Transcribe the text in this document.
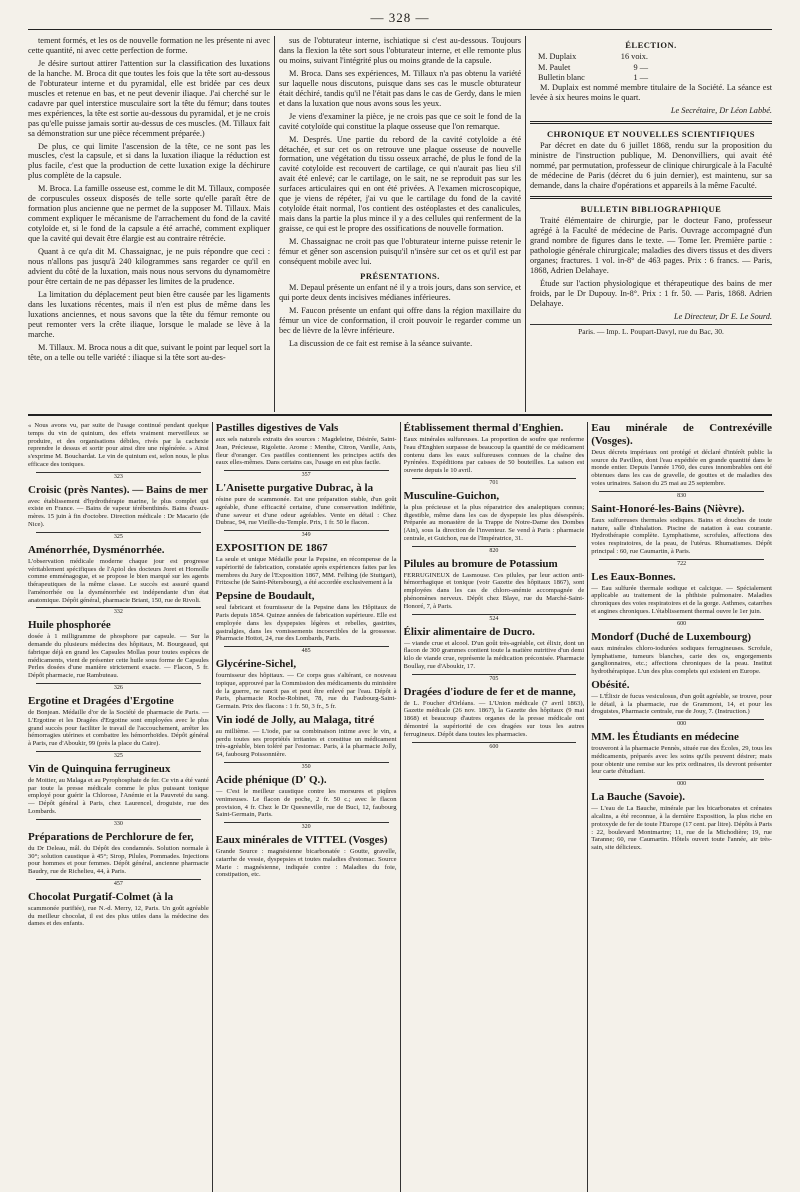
— 328 —

tement formés, et les os de nouvelle formation ne les présente ni avec cette quantité, ni avec cette perfection de forme.

Je désire surtout attirer l'attention sur la classification des luxations de la hanche. M. Broca dit que toutes les fois que la tête sort au-dessous de l'obturateur interne et du pyramidal, elle est bridée par ces deux muscles et retenue en bas, et ne peut devenir iliaque. J'ai cherché sur le cadavre par quel interstice musculaire sort la tête du fémur; dans toutes mes expériences, la tête est sortie au-dessous du pyramidal, et je ne crois pas qu'elle puisse jamais sortir au-dessus de ces muscles. (M. Tillaux fait sa démonstration sur une pièce récemment préparée.)

De plus, ce qui limite l'ascension de la tête, ce ne sont pas les muscles, c'est la capsule, et si dans la luxation iliaque la réduction est plus facile, c'est que la production de cette luxation exige la déchirure plus complète de la capsule.

M. Broca. La famille osseuse est, comme le dit M. Tillaux, composée de corpuscules osseux disposés de telle sorte qu'elle paraît être de formation plus ancienne que ne permet de la supposer M. Tillaux. Mais comment expliquer le mécanisme de l'arrachement du fond de la cavité cotyloïde et, si le fond de la capsule a été arraché, comment expliquer que la cavité qui devait être élargie est au contraire rétrécie.

Quant à ce qu'a dit M. Chassaignac, je ne puis répondre que ceci : nous n'allons pas jusqu'à 240 kilogrammes sans regarder ce qu'il en advient du côté de la luxation, mais nous nous servons du dynamomètre pour être certain de ne pas dépasser les limites de la prudence.

La limitation du déplacement peut bien être causée par les ligaments dans les luxations récentes, mais il n'en est plus de même dans les luxations anciennes, et nous savons que la tête du fémur remonte ou peut remonter vers la crête iliaque, lorsque le malade se lève à la marche.

M. Tillaux. M. Broca nous a dit que, suivant le point par lequel sort la tête, on a telle ou telle variété : iliaque si la tête sort au-des-

sus de l'obturateur interne, ischiatique si c'est au-dessous. Toujours dans la flexion la tête sort sous l'obturateur interne, et elle remonte plus ou moins, suivant l'intégrité plus ou moins grande de la capsule.

M. Broca. Dans ses expériences, M. Tillaux n'a pas obtenu la variété sur laquelle nous discutons, puisque dans ses cas le muscle obturateur était déchiré, tandis qu'il ne l'était pas dans le cas de Gerdy, dans le mien et dans la luxation que nous avons sous les yeux.

Je viens d'examiner la pièce, je ne crois pas que ce soit le fond de la cavité cotyloïde qui constitue la plaque osseuse que l'on remarque.

M. Després. Une partie du rebord de la cavité cotyloïde a été détachée, et sur cet os on retrouve une plaque osseuse de nouvelle formation, une végétation du tissu osseux arraché, de plus le fond de la cavité cotyloïde est recouvert de cartilage, ce qui n'aurait pas lieu s'il avait été enlevé; car le cartilage, on le sait, ne se reproduit pas sur les surfaces articulaires qui en ont été privées. A l'examen microscopique, que je viens de répéter, j'ai vu que le cartilage du fond de la cavité cotyloïde était normal, l'os contient des ostéoplastes et des canalicules, mais dans la partie la plus mince il y a des cellules qui renferment de la graisse, ce qui est le propre des ossifications de nouvelle formation.

M. Chassaignac ne croit pas que l'obturateur interne puisse retenir le fémur et gêner son ascension puisqu'il n'insère sur cet os et qu'il est par conséquent mobile avec lui.

PRÉSENTATIONS.

M. Depaul présente un enfant né il y a trois jours, dans son service, et qui porte deux dents incisives médianes inférieures.

M. Faucon présente un enfant qui offre dans la région maxillaire du fémur un vice de conformation, il croit pouvoir le regarder comme un bec de lièvre de la lèvre inférieure.

La discussion de ce fait est remise à la séance suivante.

ÉLECTION.
M. Duplaix	16 voix.
M. Paulet	9 —
Bulletin blanc	1 —

M. Duplaix est nommé membre titulaire de la Société. La séance est levée à six heures moins le quart.

Le Secrétaire, Dr Léon Labbé.
CHRONIQUE ET NOUVELLES SCIENTIFIQUES

Par décret en date du 6 juillet 1868, rendu sur la proposition du ministre de l'instruction publique, M. Denonvilliers, qui avait été nommé, par permutation, professeur de clinique chirurgicale à la Faculté de médecine de Paris (décret du 6 juin dernier), est maintenu, sur sa demande, dans la chaire d'opérations et appareils à la même Faculté.

BULLETIN BIBLIOGRAPHIQUE

Traité élémentaire de chirurgie, par le docteur Fano, professeur agrégé à la Faculté de médecine de Paris. Ouvrage accompagné d'un grand nombre de figures dans le texte. — Tome Ier. Première partie : pathologie générale chirurgicale; maladies des divers tissus et des divers organes; fractures. 1 vol. in-8° de 463 pages. Prix : 6 francs. — Paris, 1868, Adrien Delahaye.

Étude sur l'action physiologique et thérapeutique des bains de mer froids, par le Dr Dupouy. In-8°. Prix : 1 fr. 50. — Paris, 1868. Adrien Delahaye.

Le Directeur, Dr E. Le Sourd.
Paris. — Imp. L. Poupart-Davyl, rue du Bac, 30.

« Nous avons vu, par suite de l'usage continué pendant quelque temps du vin de quinium, des effets vraiment merveilleux se produire, et des organisations débiles, rivés par la cachexie reprendre le dessus et sortir pour ainsi dire une régénérée. » Ainsi s'exprime M. Bouchardat. Le vin de quinium est, selon nous, le plus efficace des toniques.

323
Croisic (près Nantes). — Bains de mer

avec établissement d'hydrothérapie marine, le plus complet qui existe en France. — Bains de vapeur térébenthinés. Bains d'eaux-mères. 15 juin à fin d'octobre. Direction médicale : Dr Macario (de Nice).

325
Aménorrhée, Dysménorrhée.

L'observation médicale moderne chaque jour est progresse véritablement spécifiques de l'Apiol des docteurs Joret et Homolle comme emménagogue, et se propose le bien marqué sur les agents thérapeutiques de la même classe. Le succès est assuré quand l'aménorrhée ou la dysménorrhée est indépendante d'un état anatomique. Dépôt général, pharmacie Briant, 150, rue de Rivoli.

332
Huile phosphorée

dosée à 1 milligramme de phosphore par capsule. — Sur la demande du plusieurs médecins des hôpitaux, M. Bourgeaud, qui fabrique déjà en grand les Capsules Mollas pour toutes espèces de médicaments, vient de présenter cette huile sous forme de Capsules Perles dosées d'une manière strictement exacte. — Flacon, 5 fr. Dépôt pharmacie, rue Rambuteau.

326
Ergotine et Dragées d'Ergotine

de Bonjean. Médaille d'or de la Société de pharmacie de Paris. — L'Ergotine et les Dragées d'Ergotine sont employées avec le plus grand succès pour faciliter le travail de l'accouchement, arrêter les hémorragies utérines et combattre les hémorrhoïdes. Dépôt général à Paris, rue d'Aboukir, 99 (près la place du Caire).

325
Vin de Quinquina ferrugineux

de Moitier, au Malaga et au Pyrophosphate de fer. Ce vin a été vanté par toute la presse médicale comme le plus puissant tonique employé pour guérir la Chlorose, l'Anémie et la Pauvreté du sang. — Dépôt général à Paris, chez Laurencel, droguiste, rue des Lombards.

330
Préparations de Perchlorure de fer,

du Dr Deleau, mâl. du Dépôt des condamnés. Solution normale à 30°; solution caustique à 45°; Sirop, Pilules, Pommades. Injections pour hommes et pour femmes. Dépôt général, ancienne pharmacie Baudry, rue de Richelieu, 44, à Paris.

457
Chocolat Purgatif-Colmet (à la

scammonée purifiée), rue N.-d. Merry, 12, Paris. Un goût agréable du meilleur chocolat, il est des plus utiles dans la médecine des dames et des enfants.

Pastilles digestives de Vals

aux sels naturels extraits des sources : Magdeleine, Désirée, Saint-Jean, Précieuse, Rigolette. Arome : Menthe, Citron, Vanille, Anis, fleur d'oranger. Ces pastilles contiennent les principes actifs des eaux elles-mêmes. Dans certains cas, l'usage en est plus facile.

357
L'Anisette purgative Dubrac, à la

résine pure de scammonée. Est une préparation stable, d'un goût agréable, d'une efficacité certaine, d'une conservation indéfinie, d'une saveur et d'une odeur agréables. Vente en détail : Chez Dubrac, 94, rue Vieille-du-Temple. Prix, 1 fr. 50 le flacon.

349
EXPOSITION DE 1867

La seule et unique Médaille pour la Pepsine, en récompense de la supériorité de fabrication, constatée après expériences faites par les membres du Jury de l'Exposition 1867, MM. Felhing (de Stuttgart), Fritzsche (de Saint-Pétersbourg), a été accordée exclusivement à la

Pepsine de Boudault,

seul fabricant et fournisseur de la Pepsine dans les Hôpitaux de Paris depuis 1854. Quinze années de fabrication supérieure. Elle est employée dans les dyspepsies légères et rebelles, gastrites, gastralgies, dans les vomissements incoercibles de la grossesse. Pharmacie Hottot, 24, rue des Lombards, Paris.

485
Glycérine-Sichel,

fournisseur des hôpitaux. — Ce corps gras s'altérant, ce nouveau topique, approuvé par la Commission des médicaments du ministère de la guerre, ne rancit pas et peut être enlevé par l'eau. Dépôt à Paris, pharmacie Roche-Robinet, 78, rue du Faubourg-Saint-Germain. Prix des flacons : 1 fr. 50, 3 fr., 5 fr.

Vin iodé de Jolly, au Malaga, titré

au millième. — L'iode, par sa combinaison intime avec le vin, a perdu toutes ses propriétés irritantes et constitue un médicament très-agréable, bien toléré par l'estomac. Paris, à la pharmacie Jolly, 64, faubourg Poissonnière.

350
Acide phénique (D' Q.).

— C'est le meilleur caustique contre les morsures et piqûres venimeuses. Le flacon de poche, 2 fr. 50 c.; avec le flacon provision, 4 fr. Chez le Dr Quesneville, rue de Buci, 12, faubourg Saint-Germain, Paris.

320
Eaux minérales de VITTEL (Vosges)

Grande Source : magnésienne bicarbonatée : Goutte, gravelle, catarrhe de vessie, dyspepsies et toutes maladies d'estomac. Source Marie : magnésienne, indiquée contre : Maladies du foie, constipation, etc.

Établissement thermal d'Enghien.

Eaux minérales sulfureuses. La proportion de soufre que renferme l'eau d'Enghien surpasse de beaucoup la quantité de ce médicament contenu dans les eaux sulfureuses connues de la chaîne des Pyrénées. Expéditions par caisses de 50 bouteilles. La saison est ouverte depuis le 10 avril.

701
Musculine-Guichon,

la plus précieuse et la plus réparatrice des analeptiques connus; digestible, même dans les cas de dyspepsie les plus désespérés. Préparée au monastère de la Trappe de Notre-Dame des Dombes (Ain), sous la direction de l'inventeur. Se vend à Paris : pharmacie centrale, et Guichon, rue de l'Impératrice, 31.

820
Pilules au bromure de Potassium

FERRUGINEUX de Lasmouse. Ces pilules, par leur action anti-hémorrhagique et tonique (voir Gazette des hôpitaux 1867), sont employées dans les cas de chloro-anémie accompagnée de phénomènes nerveux. Dépôt chez Blaye, rue du Marché-Saint-Honoré, 7, à Paris.

524
Élixir alimentaire de Ducro.

— viande crue et alcool. D'un goût très-agréable, cet élixir, dont un flacon de 300 grammes contient toute la matière nutritive d'un demi kilo de viande crue, représente la médication préconisée. Pharmacie Boullay, rue d'Aboukir, 17.

705
Dragées d'iodure de fer et de manne,

de L. Foucher d'Orléans. — L'Union médicale (7 avril 1863), Gazette médicale (26 nov. 1867), la Gazette des hôpitaux (9 mai 1868) et beaucoup d'autres organes de la presse médicale ont démontré la supériorité de ces dragées sur tous les autres ferrugineux. Dépôt dans toutes les pharmacies.

600
Eau minérale de Contrexéville (Vosges).

Deux décrets impériaux ont protégé et déclaré d'intérêt public la source du Pavillon, dont l'eau expédiée en grande quantité dans le monde entier. Depuis l'année 1760, des cures innombrables ont été obtenues dans les cas de gravelle, de gouttes et de maladies des voies urinaires. Saison du 25 mai au 25 septembre.

830
Saint-Honoré-les-Bains (Nièvre).

Eaux sulfureuses thermales sodiques. Bains et douches de toute nature, salle d'inhalation. Piscine de natation à eau courante. Hydrothérapie complète. Lymphatisme, scrofules, affections des voies respiratoires, de la peau, de l'utérus. Rhumatismes. Dépôt principal : 60, rue Caumartin, à Paris.

722
Les Eaux-Bonnes.

— Eau sulfurée thermale sodique et calcique. — Spécialement applicable au traitement de la phthisie pulmonaire. Maladies chroniques des voies respiratoires et de la gorge. Asthmes, catarrhes et angines chroniques. L'établissement thermal ouvre le 1er juin.

600
Mondorf (Duché de Luxembourg)

eaux minérales chloro-iodurées sodiques ferrugineuses. Scrofule, lymphatisme, tumeurs blanches, carie des os, engorgements ganglionnaires, etc.; affections chroniques de la peau. Institut hydrothérapique. L'un des plus complets qui existent en Europe.

Obésité.

— L'Élixir de fucus vesiculosus, d'un goût agréable, se trouve, pour le détail, à la pharmacie, rue de Grammont, 14, et pour les droguistes, Pharmacie centrale, rue de Jouy, 7. (Instruction.)

000
MM. les Étudiants en médecine

trouveront à la pharmacie Pennès, située rue des Écoles, 29, tous les médicaments, préparés avec les soins qu'ils peuvent désirer; mais pour obtenir une remise sur les prix ordinaires, ils devront présenter leur carte d'étudiant.

000
La Bauche (Savoie).

— L'eau de La Bauche, minérale par les bicarbonates et crénates alcalins, a été reconnue, à la dernière Exposition, la plus riche en protoxyde de fer de toute l'Europe (17 cent. par litre). Dépôts à Paris : 22, boulevard Montmartre; 11, rue de la Michodière; 19, rue Taranne; 60, rue Caumartin. Hôtels ouvert toute l'année, air très-sain, site délicieux.
